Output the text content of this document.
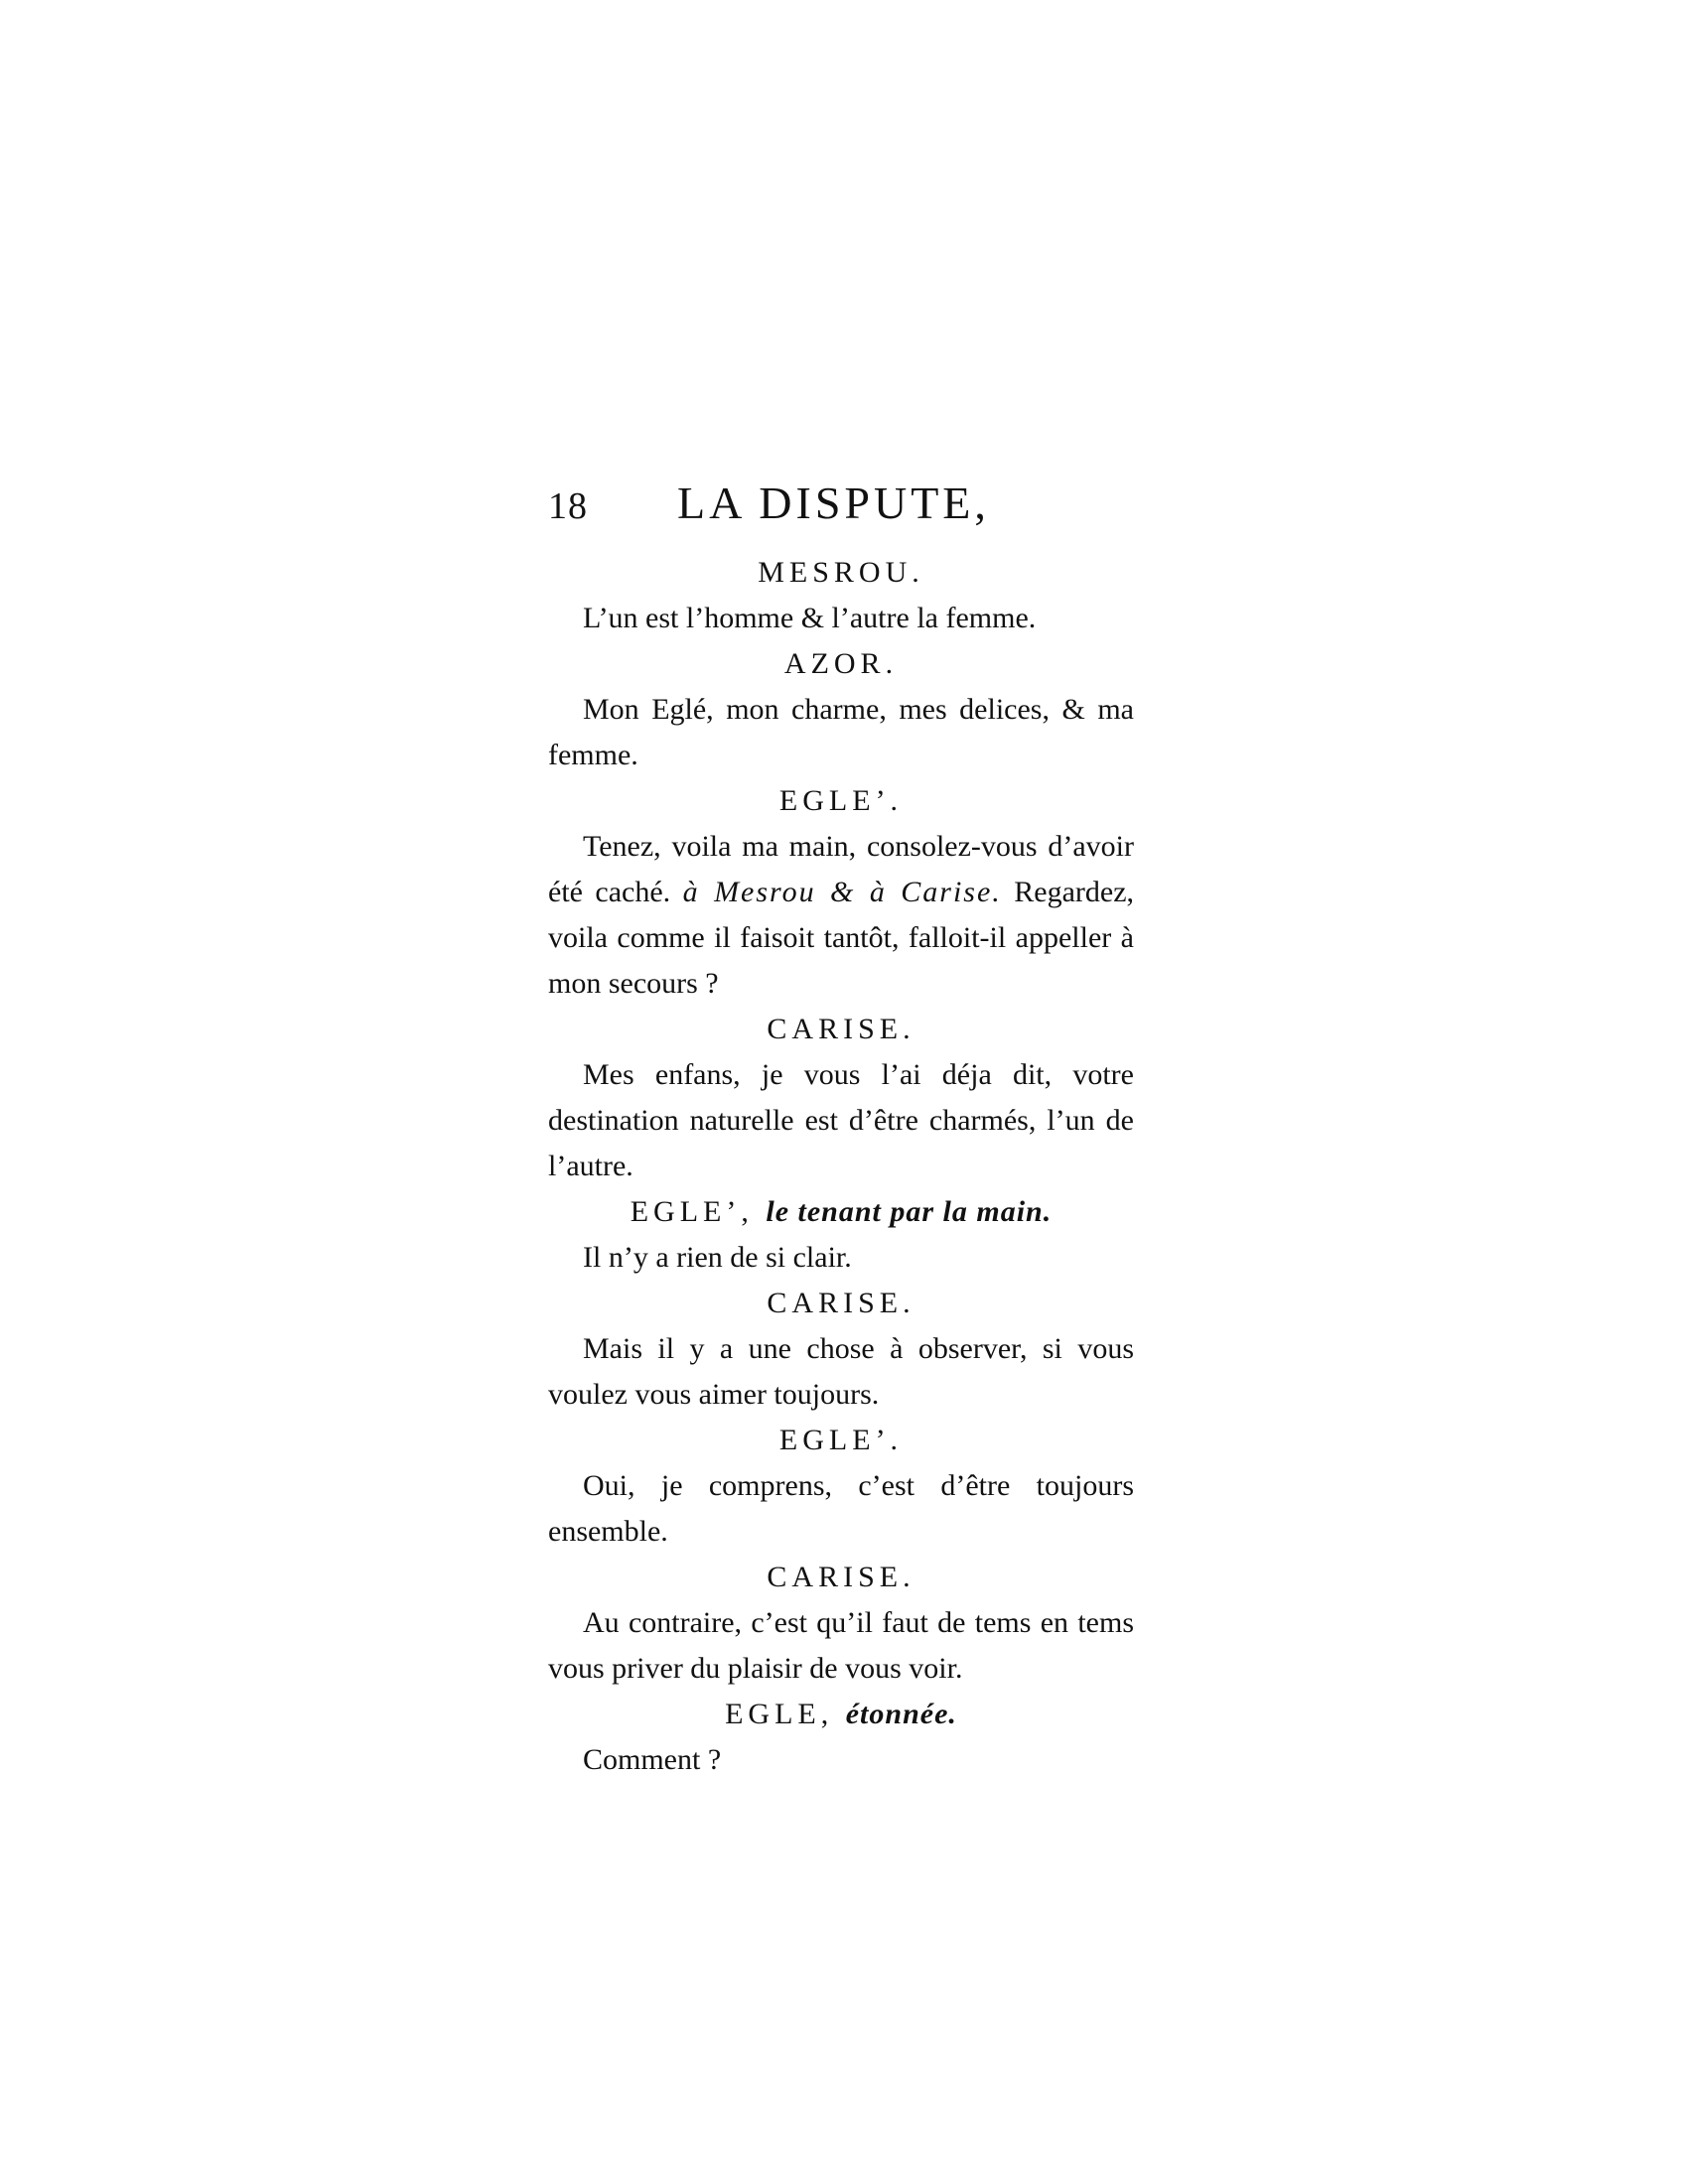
18	LA DISPUTE,
MESROU.

L’un est l’homme & l’autre la femme.

AZOR.

Mon Eglé, mon charme, mes delices, & ma femme.

EGLE’.

Tenez, voila ma main, consolez-vous d’avoir été caché. à Mesrou & à Carise. Regardez, voila comme il faisoit tantôt, falloit-il appeller à mon secours ?

CARISE.

Mes enfans, je vous l’ai déja dit, votre destination naturelle est d’être charmés, l’un de l’autre.

EGLE’, le tenant par la main.

Il n’y a rien de si clair.

CARISE.

Mais il y a une chose à observer, si vous voulez vous aimer toujours.

EGLE’.

Oui, je comprens, c’est d’être toujours ensemble.

CARISE.

Au contraire, c’est qu’il faut de tems en tems vous priver du plaisir de vous voir.

EGLE, étonnée.

Comment ?
